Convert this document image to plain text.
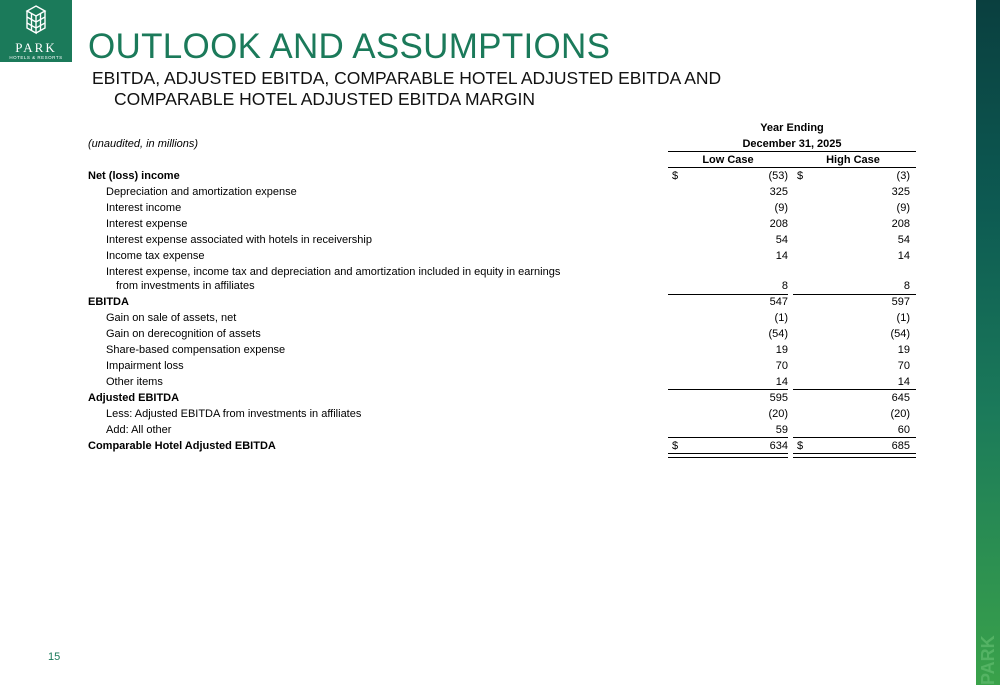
PARK
HOTELS & RESORTS OUTLOOK AND ASSUMPTIONS
EBITDA, ADJUSTED EBITDA, COMPARABLE HOTEL ADJUSTED EBITDA AND
COMPARABLE HOTEL ADJUSTED EBITDA MARGIN
PARK
Year Ending
(unaudited, in millions)	December 31, 2025
Low Case	High Case
Net (loss) income	$	(53) $	(3)
Depreciation and amortization expense	325	325
Interest income	(9)	(9)
Interest expense	208	208
Interest expense associated with hotels in receivership	54	54
Income tax expense	14	14
Interest expense, income tax and depreciation and amortization included in equity in earnings
from investments in affiliates	8	8
EBITDA	547	597
Gain on sale of assets, net	(1)	(1)
Gain on derecognition of assets	(54)	(54)
Share-based compensation expense	19	19
Impairment loss	70	70
Other items	14	14
Adjusted EBITDA	595	645
Less: Adjusted EBITDA from investments in affiliates	(20)	(20)
Add: All other	59	60
Comparable Hotel Adjusted EBITDA	$	634 $	685
15
